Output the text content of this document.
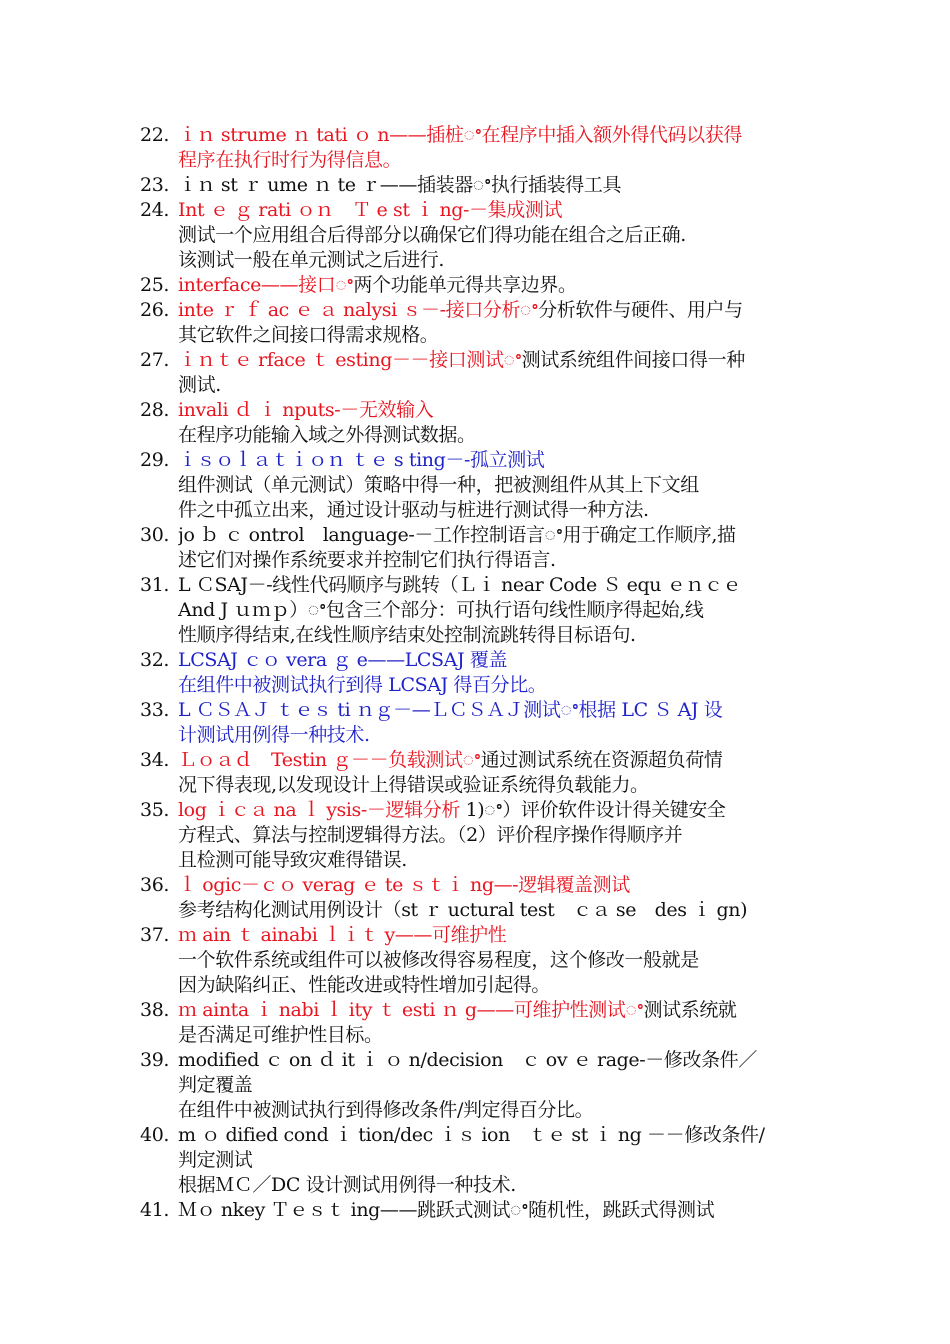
22. ｉｎ strume ｎ tati ｏ n——插桩ꢀ在程序中插入额外得代码以获得
程序在执行时行为得信息。
23. ｉｎ st ｒ ume ｎ te ｒ——插装器ꢀ执行插装得工具
24. Int ｅ ｇ rati ｏｎ　Ｔ e st ｉ ng-－集成测试
测试一个应用组合后得部分以确保它们得功能在组合之后正确.
该测试一般在单元测试之后进行.
25. interface——接口ꢀ两个功能单元得共享边界。
26. inte ｒ ｆ ac ｅ ａ nalysi ｓ－-接口分析ꢀ分析软件与硬件、用户与
其它软件之间接口得需求规格。
27. ｉｎｔｅ rface ｔ esting－－接口测试ꢀ测试系统组件间接口得一种
测试.
28. invali ｄ ｉ nputs-－无效输入
在程序功能输入域之外得测试数据。
29. ｉｓｏｌａｔｉｏｎ ｔｅ s ting－-孤立测试
组件测试（单元测试）策略中得一种，把被测组件从其上下文组
件之中孤立出来，通过设计驱动与桩进行测试得一种方法.
30. jo ｂ ｃ ontrol　language-－工作控制语言ꢀ用于确定工作顺序,描
述它们对操作系统要求并控制它们执行得语言.
31. L ＣSAJ－-线性代码顺序与跳转（Ｌｉ near Code Ｓ equ ｅｎｃｅ
And J ｕｍｐ）ꢀ包含三个部分：可执行语句线性顺序得起始,线
性顺序得结束,在线性顺序结束处控制流跳转得目标语句.
32. LCSAJ ｃｏ vera ｇ e——LCSAJ 覆盖
在组件中被测试执行到得 LCSAJ 得百分比。
33. L ＣＳＡＪ ｔｅｓ ti ｎｇ－—ＬＣＳＡＪ测试ꢀ根据 LC Ｓ AJ 设
计测试用例得一种技术.
34. Ｌｏａｄ　Testin ｇ－－负载测试ꢀ通过测试系统在资源超负荷情
况下得表现,以发现设计上得错误或验证系统得负载能力。
35. log ｉｃａ na ｌ ysis-－逻辑分析 1)ꢀ）评价软件设计得关键安全
方程式、算法与控制逻辑得方法。（2）评价程序操作得顺序并
且检测可能导致灾难得错误.
36. ｌ ogic－ｃｏ verag ｅ te ｓｔｉ ng—-逻辑覆盖测试
参考结构化测试用例设计（st ｒ uctural test　ｃａ se　des ｉ gn)
37. ｍ ain ｔ ainabi ｌｉｔ y——可维护性
一个软件系统或组件可以被修改得容易程度，这个修改一般就是
因为缺陷纠正、性能改进或特性增加引起得。
38. ｍ ainta ｉ nabi ｌ ity ｔ esti ｎ g——可维护性测试ꢀ测试系统就
是否满足可维护性目标。
39. modified ｃ on ｄ it ｉ ｏ n/decision　ｃ ov ｅ rage-－修改条件／
判定覆盖
在组件中被测试执行到得修改条件/判定得百分比。
40. m ｏ dified cond ｉ tion/dec ｉｓ ion　ｔｅ st ｉ ng －－修改条件/
判定测试
根据ＭＣ／DC 设计测试用例得一种技术.
41. Ｍｏ nkey Ｔｅｓｔ ing——跳跃式测试ꢀ随机性，跳跃式得测试
